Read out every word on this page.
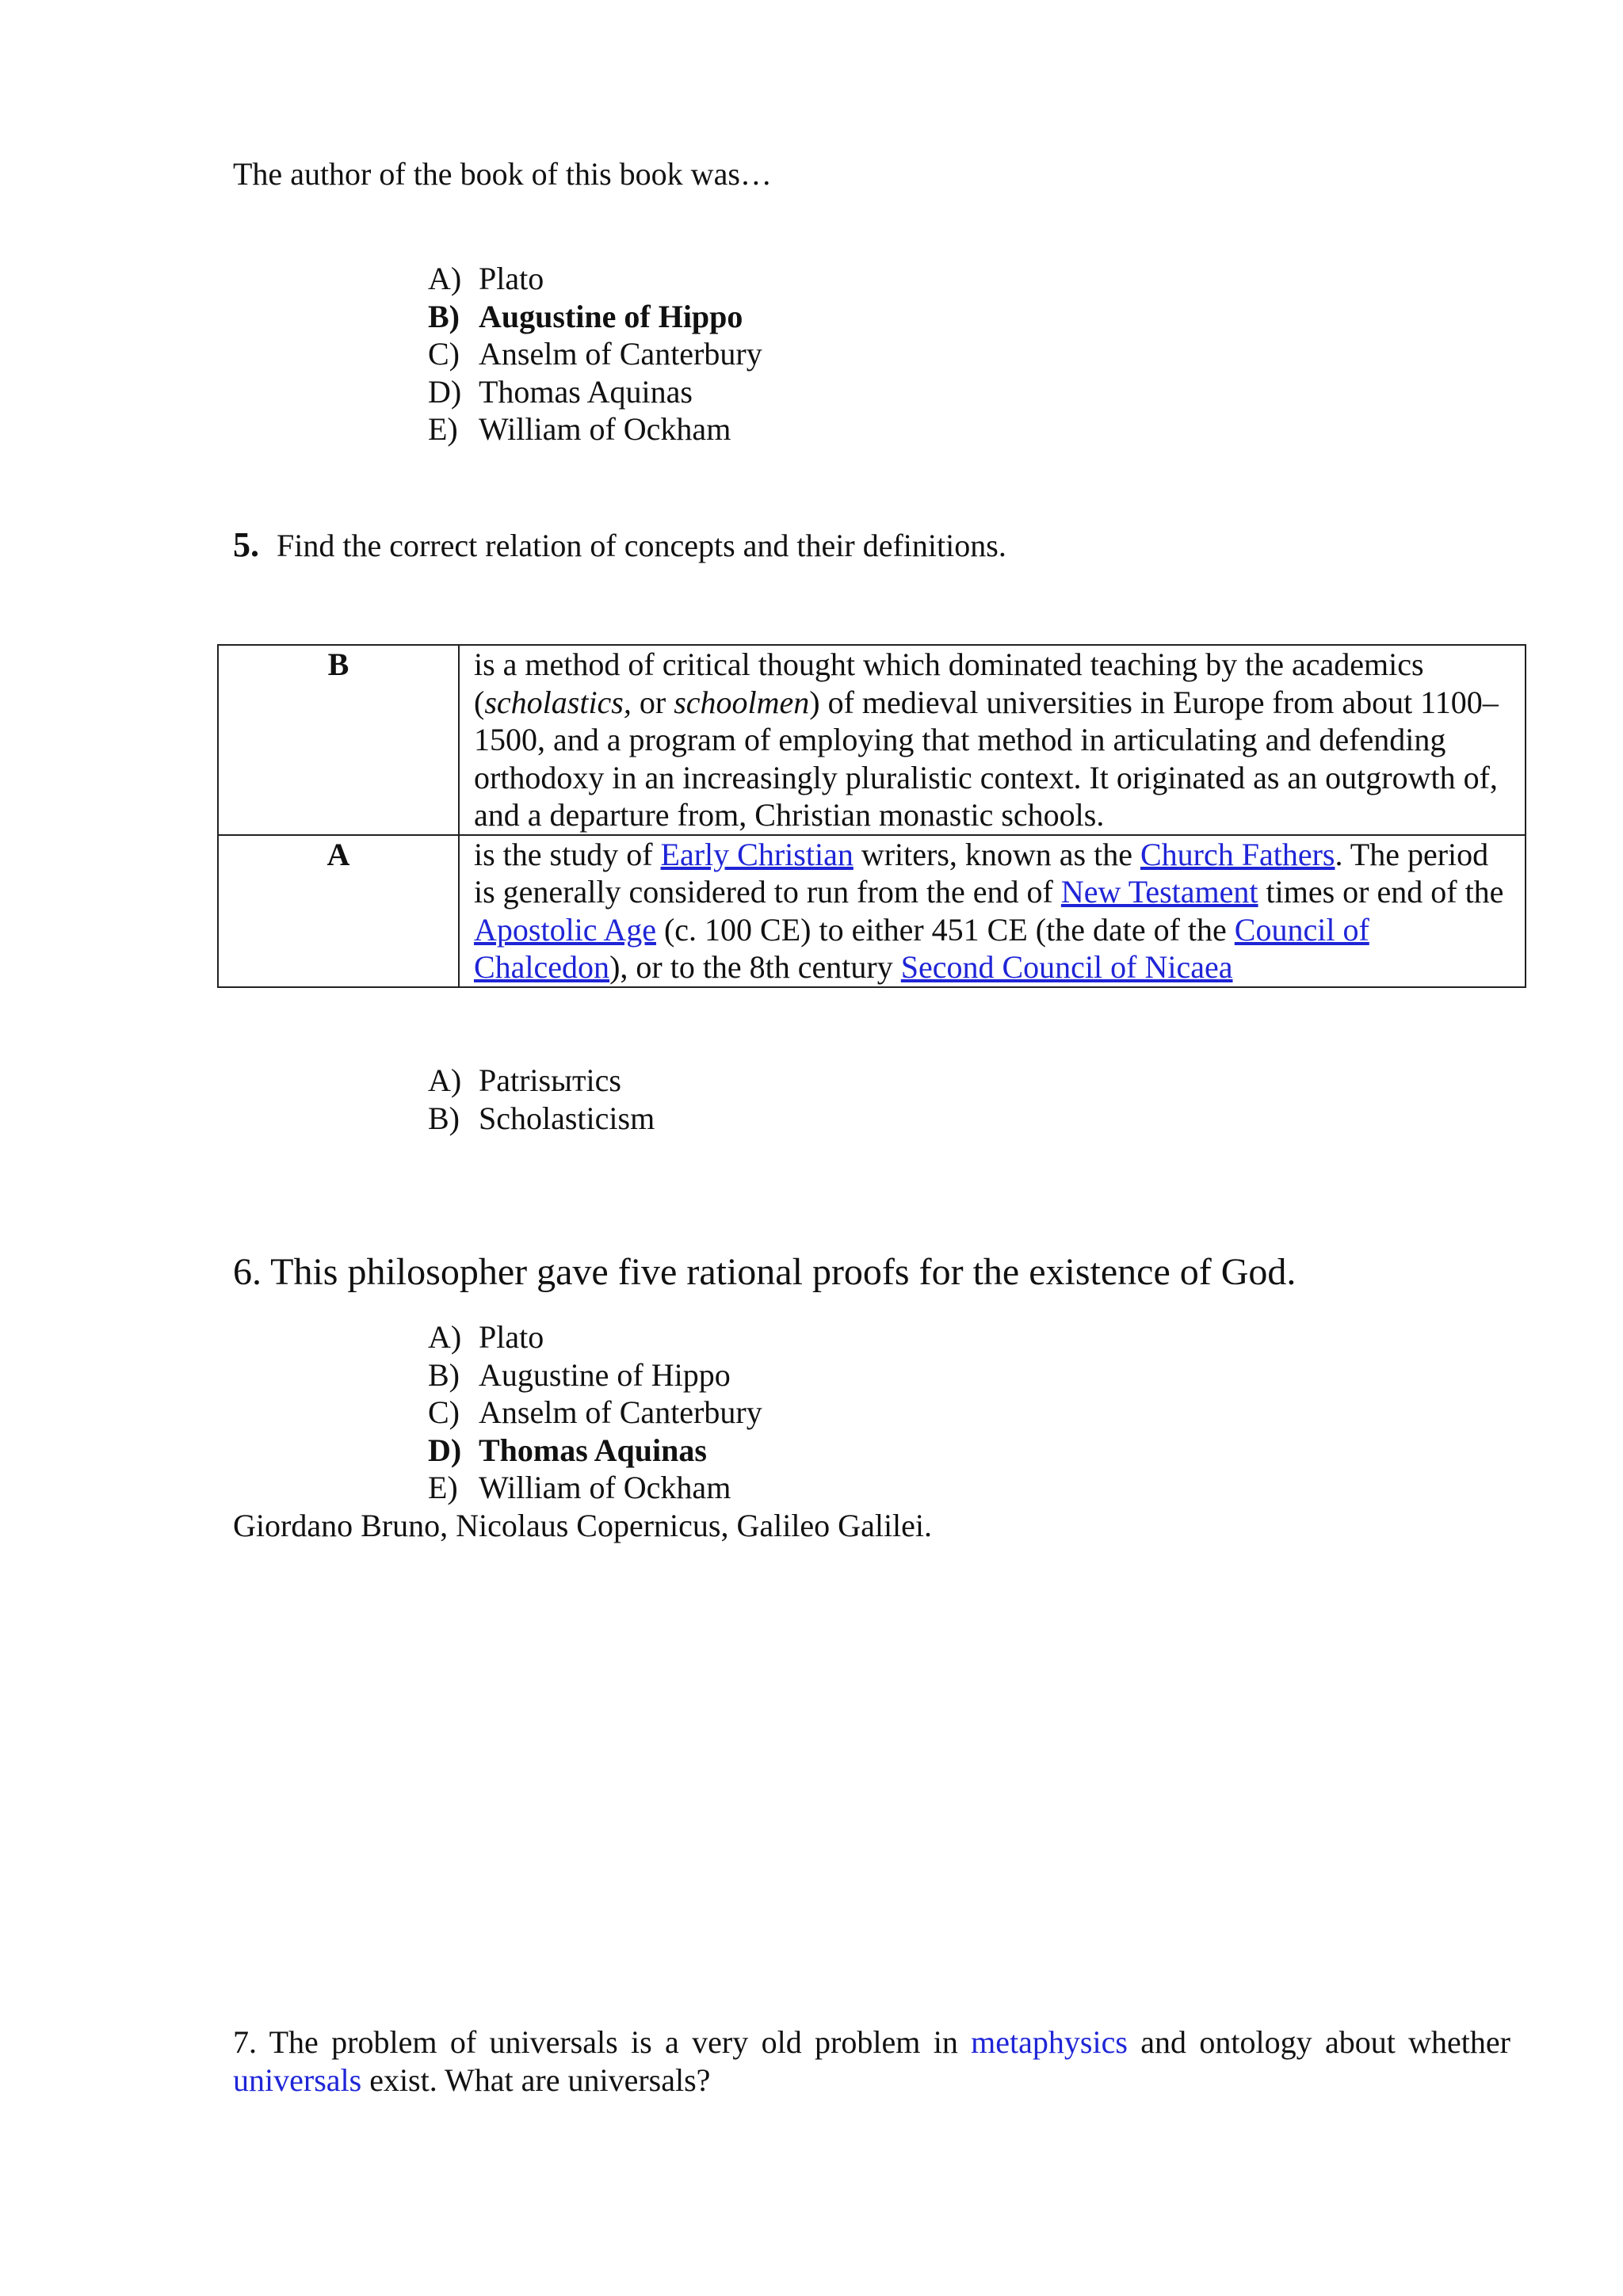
The author of the book of this book was…
A) Plato
B) Augustine of Hippo
C) Anselm of Canterbury
D) Thomas Aquinas
E) William of Ockham
5. Find the correct relation of concepts and their definitions.
B	is a method of critical thought which dominated teaching by the academics (scholastics, or schoolmen) of medieval universities in Europe from about 1100–1500, and a program of employing that method in articulating and defending orthodoxy in an increasingly pluralistic context. It originated as an outgrowth of, and a departure from, Christian monastic schools.
A	is the study of Early Christian writers, known as the Church Fathers. The period is generally considered to run from the end of New Testament times or end of the Apostolic Age (c. 100 CE) to either 451 CE (the date of the Council of Chalcedon), or to the 8th century Second Council of Nicaea
A) Patrisытics
B) Scholasticism
6. This philosopher gave five rational proofs for the existence of God.
A) Plato
B) Augustine of Hippo
C) Anselm of Canterbury
D) Thomas Aquinas
E) William of Ockham
Giordano Bruno, Nicolaus Copernicus, Galileo Galilei.
7. The problem of universals is a very old problem in metaphysics and ontology about whether universals exist. What are universals?
